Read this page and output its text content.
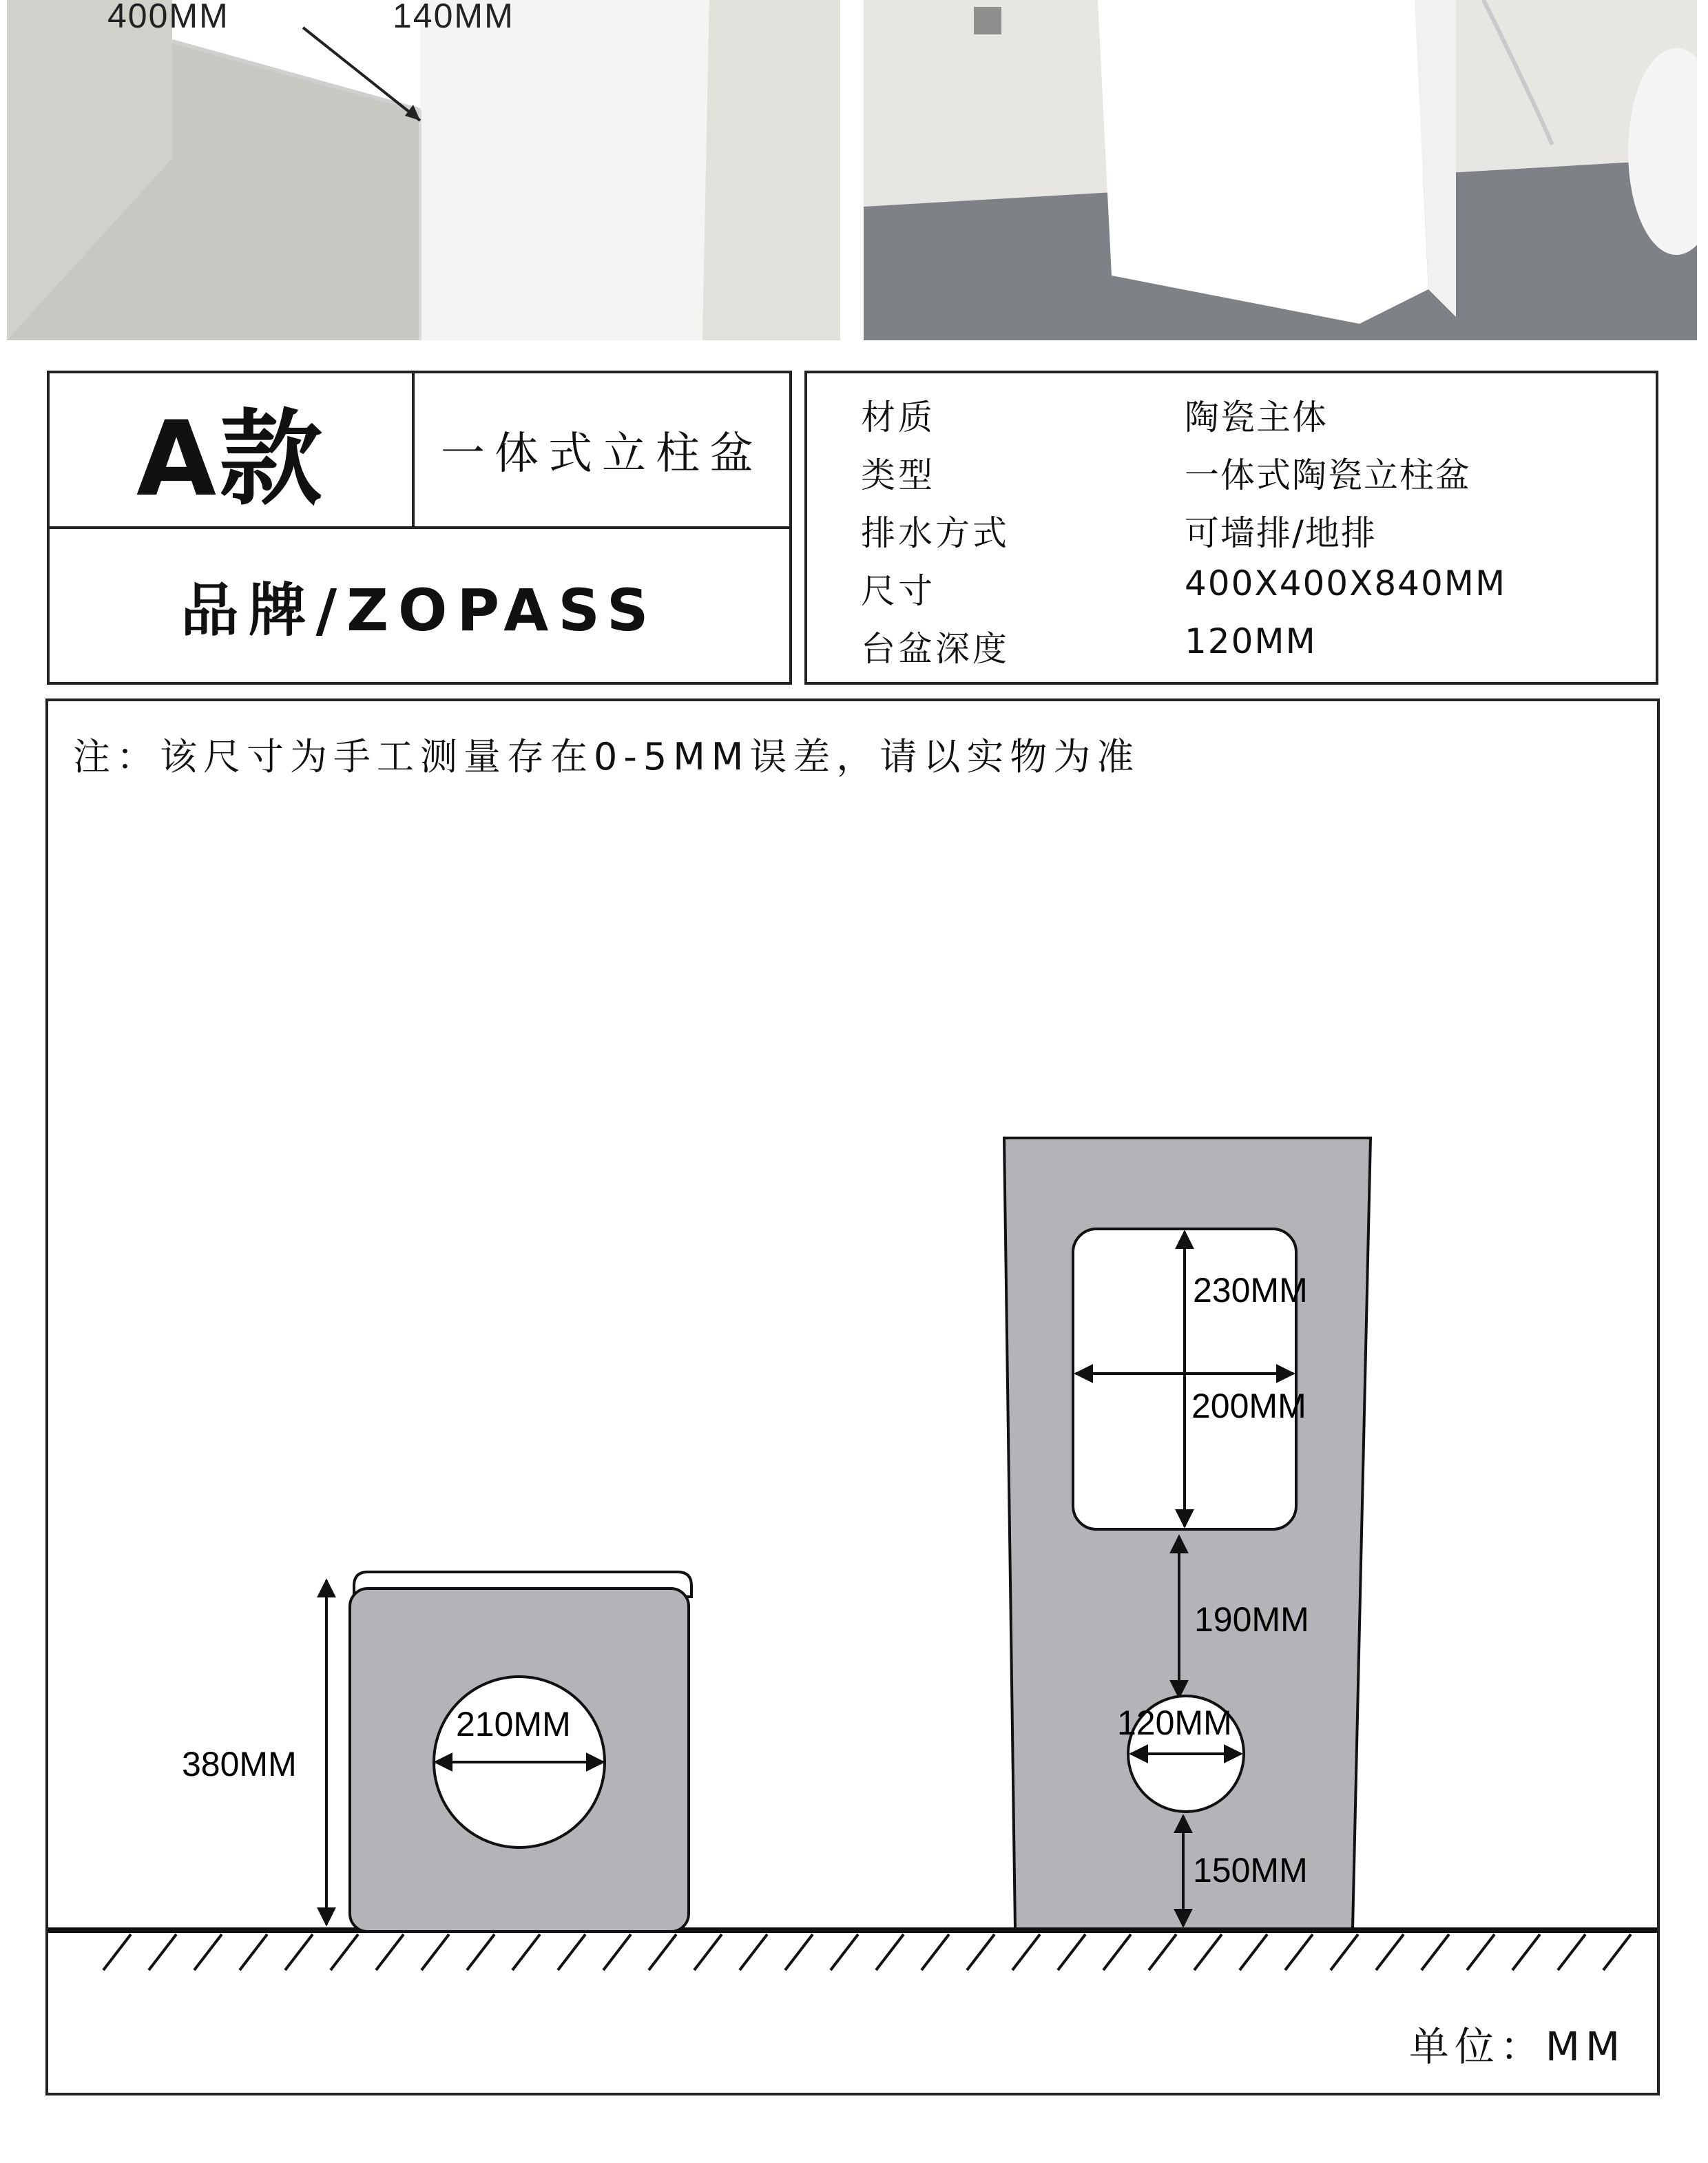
400MM	140MM
A款	一体式立柱盆
品牌/ZOPASS
材质	陶瓷主体
类型	一体式陶瓷立柱盆
排水方式	可墙排/地排
尺寸	400X400X840MM
台盆深度	120MM
注：该尺寸为手工测量存在0-5MM误差，请以实物为准
380MM
210MM
230MM
200MM
190MM
120MM
150MM
单位：MM
